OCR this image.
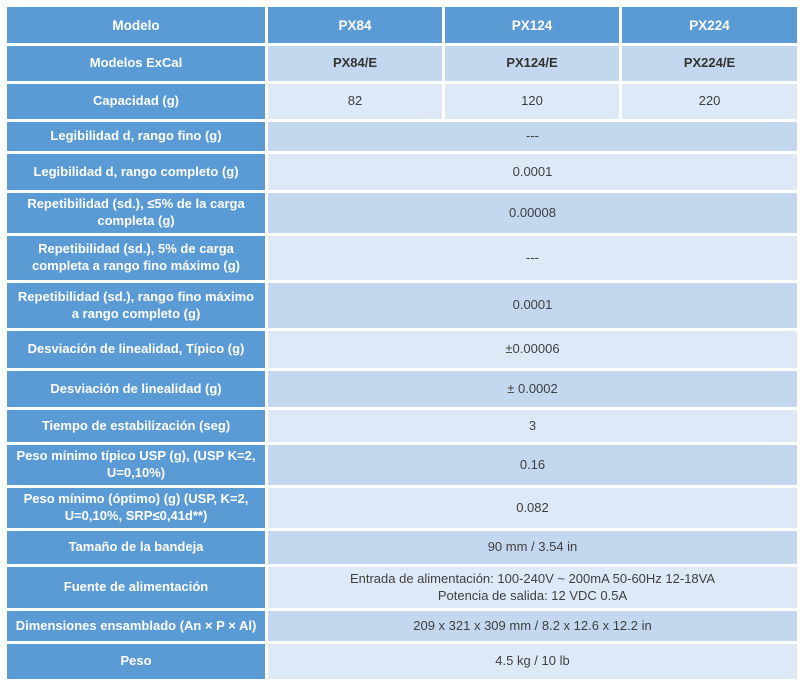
Modelo	PX84	PX124	PX224
Modelos ExCal	PX84/E	PX124/E	PX224/E
Capacidad (g)	82	120	220
Legibilidad d, rango fino (g)	---		
Legibilidad d, rango completo (g)	0.0001		
Repetibilidad (sd.), ≤5% de la carga completa (g)	0.00008		
Repetibilidad (sd.), 5% de carga completa a rango fino máximo (g)	---		
Repetibilidad (sd.), rango fino máximo a rango completo (g)	0.0001		
Desviación de linealidad, Típico (g)	±0.00006		
Desviación de linealidad (g)	± 0.0002		
Tiempo de estabilización (seg)	3		
Peso mínimo típico USP (g), (USP K=2, U=0,10%)	0.16		
Peso mínimo (óptimo) (g) (USP, K=2, U=0,10%, SRP≤0,41d**)	0.082		
Tamaño de la bandeja	90 mm / 3.54 in		
Fuente de alimentación	Entrada de alimentación: 100-240V ~ 200mA 50-60Hz 12-18VA
Potencia de salida: 12 VDC 0.5A		

Dimensiones ensamblado (An × P × Al)	209 x 321 x 309 mm / 8.2 x 12.6 x 12.2 in		
Peso	4.5 kg / 10 lb		
